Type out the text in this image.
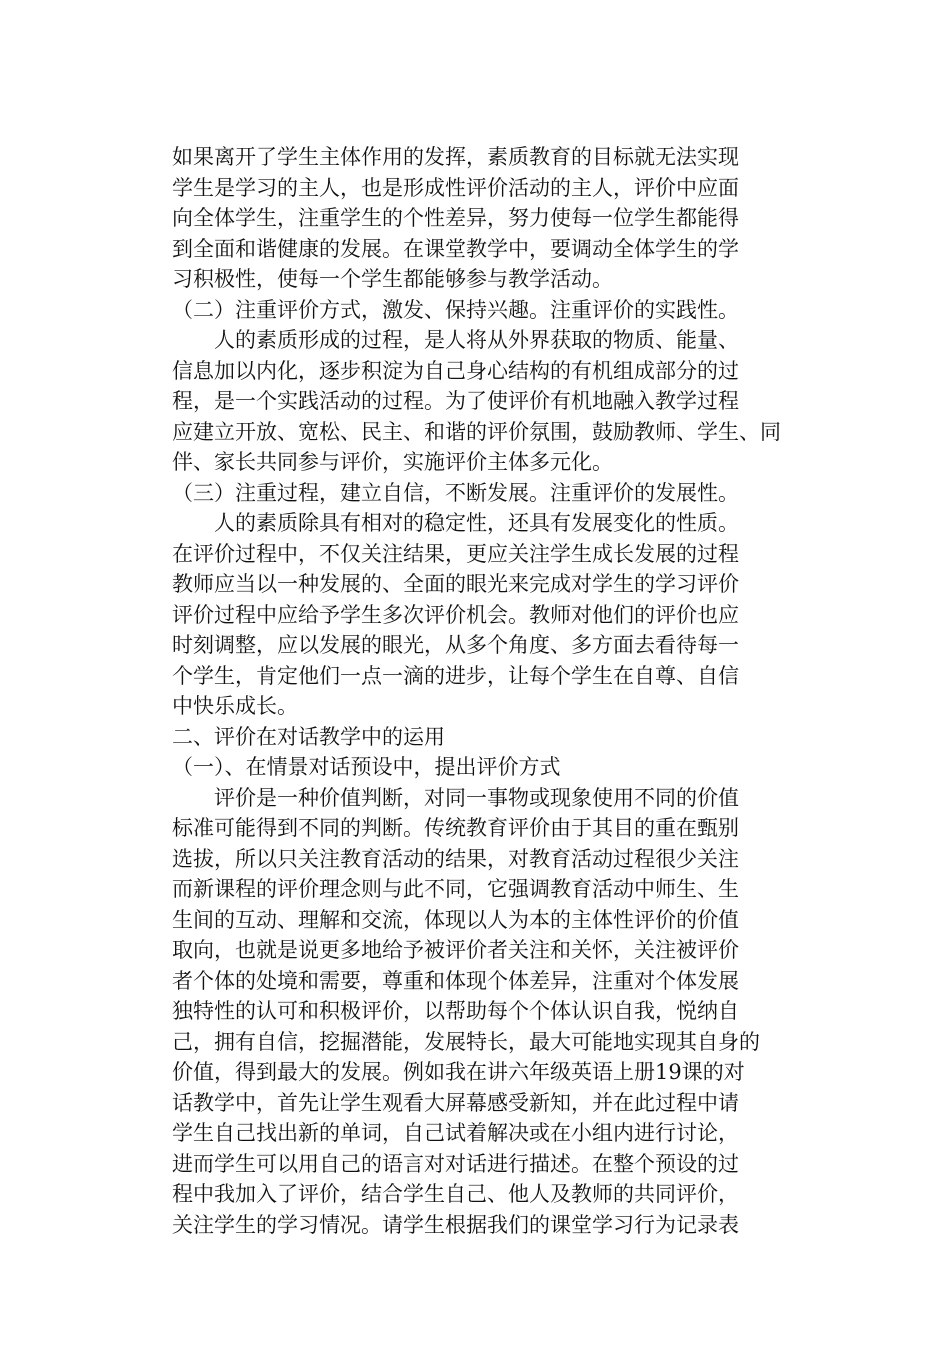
如果离开了学生主体作用的发挥，素质教育的目标就无法实现
学生是学习的主人，也是形成性评价活动的主人，评价中应面
向全体学生，注重学生的个性差异，努力使每一位学生都能得
到全面和谐健康的发展。在课堂教学中，要调动全体学生的学
习积极性，使每一个学生都能够参与教学活动。
（二）注重评价方式，激发、保持兴趣。注重评价的实践性。
　　人的素质形成的过程，是人将从外界获取的物质、能量、
信息加以内化，逐步积淀为自己身心结构的有机组成部分的过
程，是一个实践活动的过程。为了使评价有机地融入教学过程
应建立开放、宽松、民主、和谐的评价氛围，鼓励教师、学生、同
伴、家长共同参与评价，实施评价主体多元化。
（三）注重过程，建立自信，不断发展。注重评价的发展性。
　　人的素质除具有相对的稳定性，还具有发展变化的性质。
在评价过程中，不仅关注结果，更应关注学生成长发展的过程
教师应当以一种发展的、全面的眼光来完成对学生的学习评价
评价过程中应给予学生多次评价机会。教师对他们的评价也应
时刻调整，应以发展的眼光，从多个角度、多方面去看待每一
个学生，肯定他们一点一滴的进步，让每个学生在自尊、自信
中快乐成长。
二、评价在对话教学中的运用
（一）、在情景对话预设中，提出评价方式
　　评价是一种价值判断，对同一事物或现象使用不同的价值
标准可能得到不同的判断。传统教育评价由于其目的重在甄别
选拔，所以只关注教育活动的结果，对教育活动过程很少关注
而新课程的评价理念则与此不同，它强调教育活动中师生、生
生间的互动、理解和交流，体现以人为本的主体性评价的价值
取向，也就是说更多地给予被评价者关注和关怀，关注被评价
者个体的处境和需要，尊重和体现个体差异，注重对个体发展
独特性的认可和积极评价，以帮助每个个体认识自我，悦纳自
己，拥有自信，挖掘潜能，发展特长，最大可能地实现其自身的
价值，得到最大的发展。例如我在讲六年级英语上册19课的对
话教学中，首先让学生观看大屏幕感受新知，并在此过程中请
学生自己找出新的单词，自己试着解决或在小组内进行讨论，
进而学生可以用自己的语言对对话进行描述。在整个预设的过
程中我加入了评价，结合学生自己、他人及教师的共同评价，
关注学生的学习情况。请学生根据我们的课堂学习行为记录表
